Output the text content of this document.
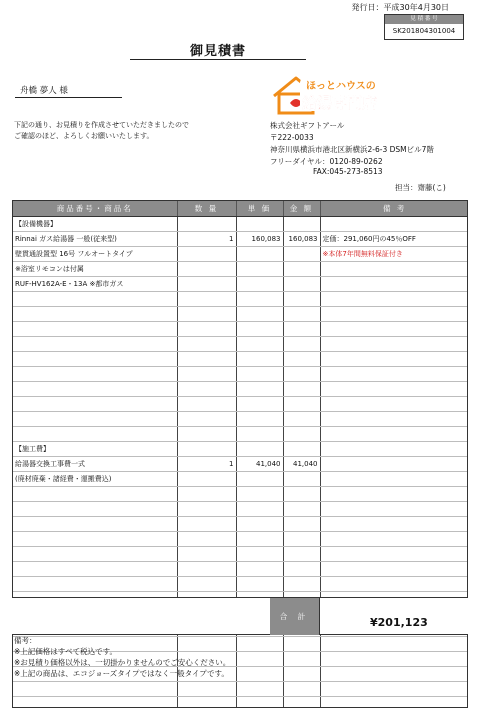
発行日：平成30年4月30日
見 積 番 号
SK201804301004
御見積書
舟橋 夢人 様
下記の通り、お見積りを作成させていただきましたので
ご確認のほど、よろしくお願いいたします。
ほっとハウスの
給湯専門店
株式会社ギフトアール
〒222-0033
神奈川県横浜市港北区新横浜2-6-3 DSMビル7階
フリーダイヤル：0120-89-0262
FAX:045-273-8513
担当：齋藤(こ)
商品番号・商品名	数 量	単 価	金 額	備 考
【設備機器】				
Rinnai ガス給湯器 一般(従来型)	1	160,083	160,083	定価：291,060円の45％OFF
壁貫通設置型 16号 フルオートタイプ				※本体7年間無料保証付き
※浴室リモコンは付属				
RUF-HV162A-E・13A ※都市ガス				

【施工費】				
給湯器交換工事費一式	1	41,040	41,040	
(廃材廃棄・諸経費・運搬費込)				

合 計	¥201,123
備考：
※上記価格はすべて税込です。
※お見積り価格以外は、一切掛かりませんのでご安心ください。
※上記の商品は、エコジョーズタイプではなく一般タイプです。
